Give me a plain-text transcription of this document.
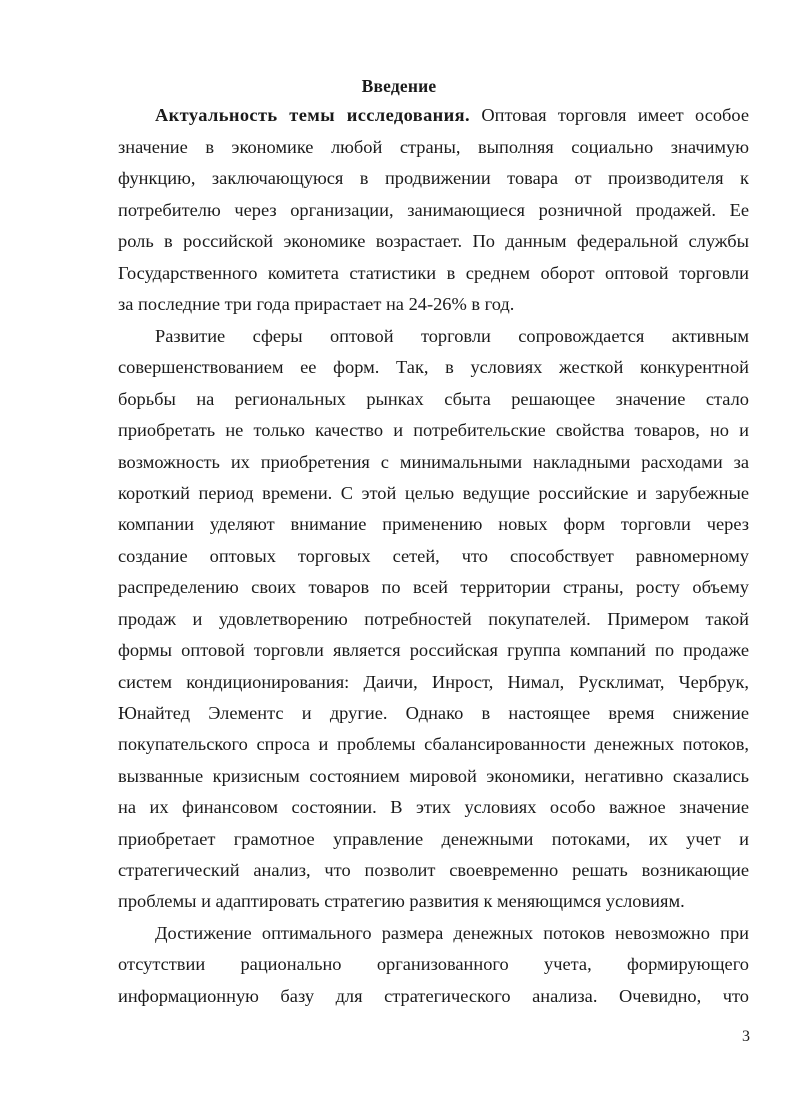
Введение
Актуальность темы исследования. Оптовая торговля имеет особое
значение в экономике любой страны, выполняя социально значимую
функцию, заключающуюся в продвижении товара от производителя к
потребителю через организации, занимающиеся розничной продажей. Ее
роль в российской экономике возрастает. По данным федеральной службы
Государственного комитета статистики в среднем оборот оптовой торговли
за последние три года прирастает на 24-26% в год.
Развитие сферы оптовой торговли сопровождается активным
совершенствованием ее форм. Так, в условиях жесткой конкурентной
борьбы на региональных рынках сбыта решающее значение стало
приобретать не только качество и потребительские свойства товаров, но и
возможность их приобретения с минимальными накладными расходами за
короткий период времени. С этой целью ведущие российские и зарубежные
компании уделяют внимание применению новых форм торговли через
создание оптовых торговых сетей, что способствует равномерному
распределению своих товаров по всей территории страны, росту объему
продаж и удовлетворению потребностей покупателей. Примером такой
формы оптовой торговли является российская группа компаний по продаже
систем кондиционирования: Даичи, Инрост, Нимал, Русклимат, Чербрук,
Юнайтед Элементс и другие. Однако в настоящее время снижение
покупательского спроса и проблемы сбалансированности денежных потоков,
вызванные кризисным состоянием мировой экономики, негативно сказались
на их финансовом состоянии. В этих условиях особо важное значение
приобретает грамотное управление денежными потоками, их учет и
стратегический анализ, что позволит своевременно решать возникающие
проблемы и адаптировать стратегию развития к меняющимся условиям.
Достижение оптимального размера денежных потоков невозможно при
отсутствии рационально организованного учета, формирующего
информационную базу для стратегического анализа. Очевидно, что
3
